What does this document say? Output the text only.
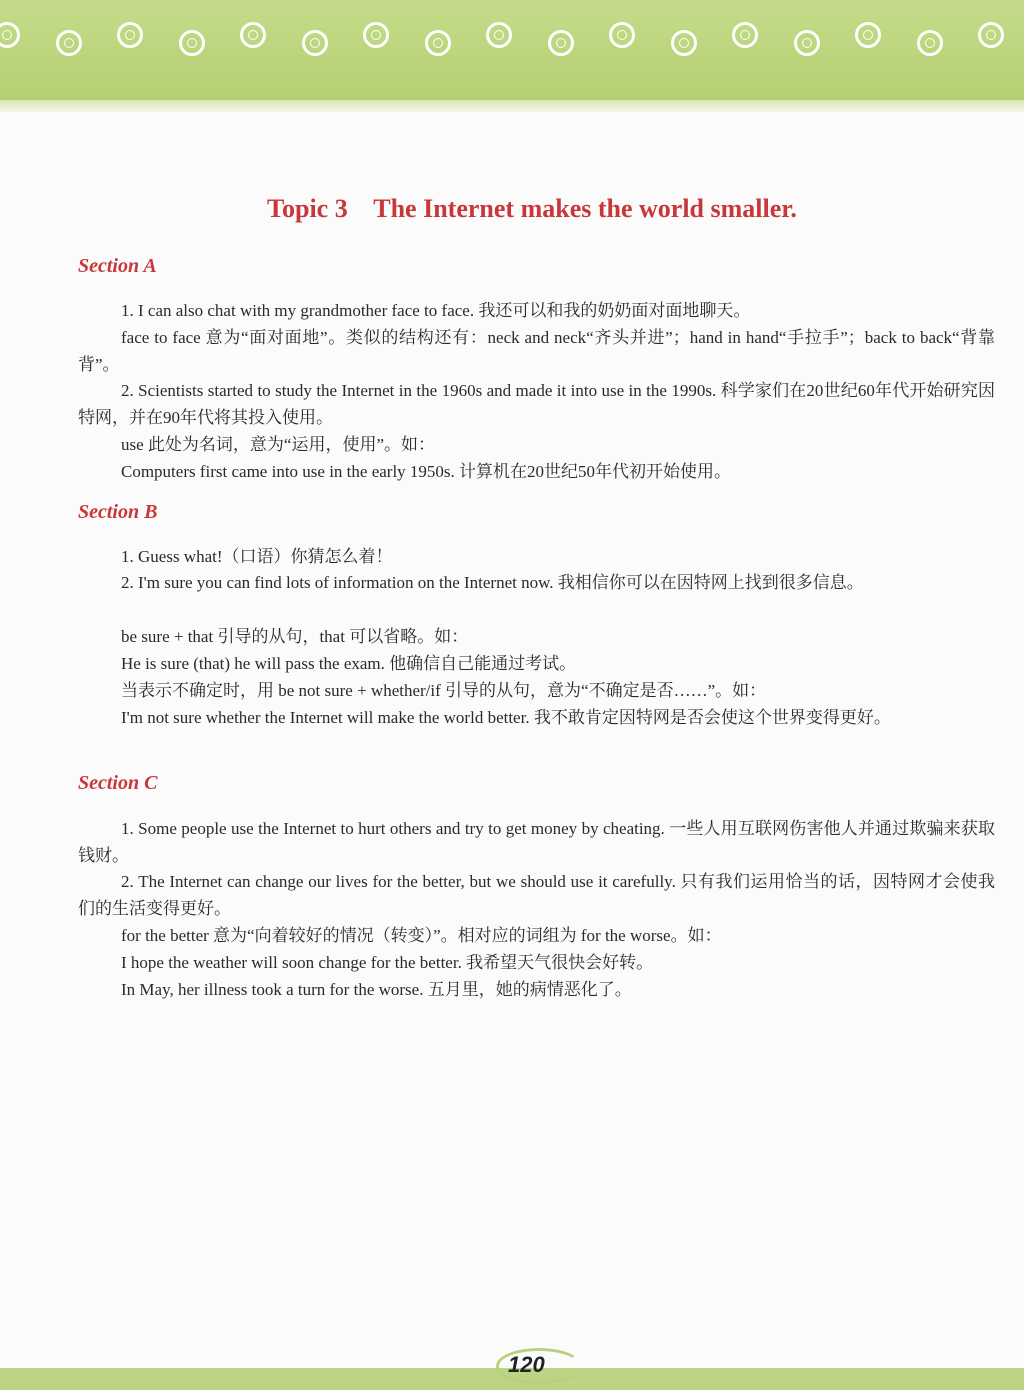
Topic 3    The Internet makes the world smaller.
Section A

1. I can also chat with my grandmother face to face. 我还可以和我的奶奶面对面地聊天。

face to face 意为“面对面地”。类似的结构还有：neck and neck“齐头并进”；hand in hand“手拉手”；back to back“背靠背”。

2. Scientists started to study the Internet in the 1960s and made it into use in the 1990s. 科学家们在20世纪60年代开始研究因特网，并在90年代将其投入使用。

use 此处为名词，意为“运用，使用”。如：

Computers first came into use in the early 1950s. 计算机在20世纪50年代初开始使用。

Section B

1. Guess what!（口语）你猜怎么着！

2. I'm sure you can find lots of information on the Internet now. 我相信你可以在因特网上找到很多信息。

be sure + that 引导的从句，that 可以省略。如：

He is sure (that) he will pass the exam. 他确信自己能通过考试。

当表示不确定时，用 be not sure + whether/if 引导的从句，意为“不确定是否……”。如：

I'm not sure whether the Internet will make the world better. 我不敢肯定因特网是否会使这个世界变得更好。

Section C

1. Some people use the Internet to hurt others and try to get money by cheating. 一些人用互联网伤害他人并通过欺骗来获取钱财。

2. The Internet can change our lives for the better, but we should use it carefully. 只有我们运用恰当的话，因特网才会使我们的生活变得更好。

for the better 意为“向着较好的情况（转变）”。相对应的词组为 for the worse。如：

I hope the weather will soon change for the better. 我希望天气很快会好转。

In May, her illness took a turn for the worse. 五月里，她的病情恶化了。

120
